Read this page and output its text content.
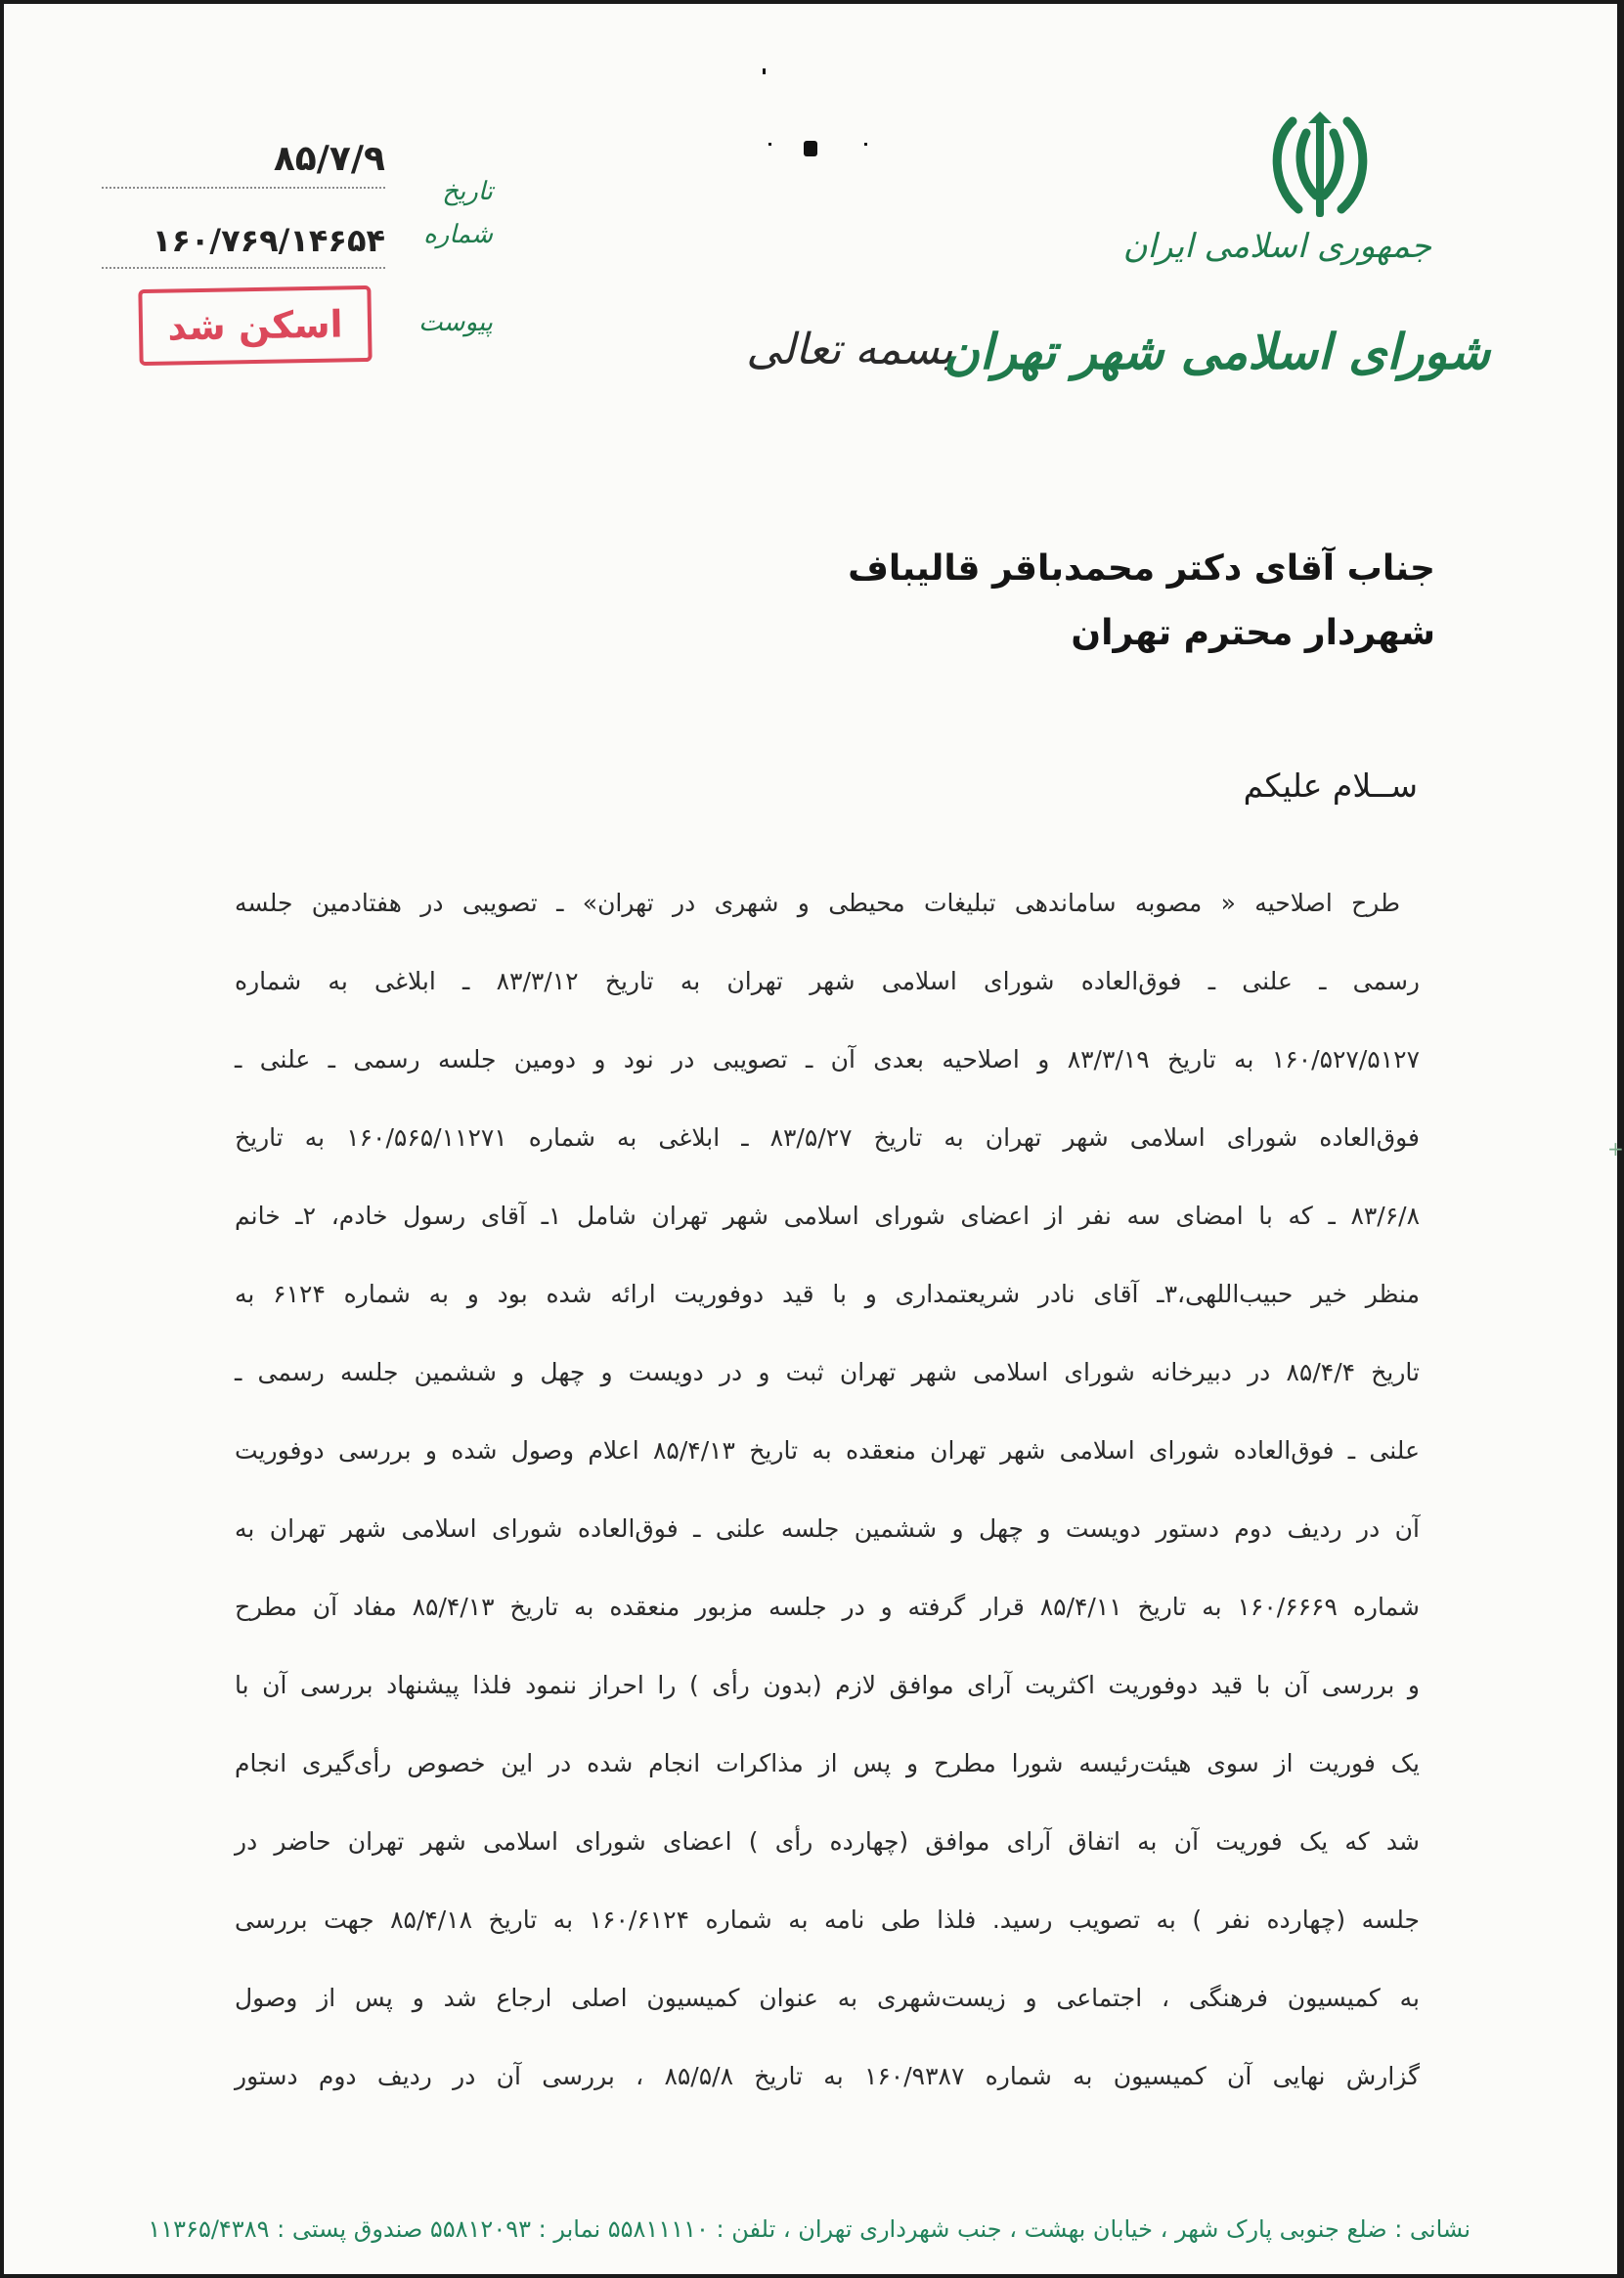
۸۵/۷/۹
۱۶۰/۷۶۹/۱۴۶۵۴
تاریخ
شماره
پیوست
اسکن شد	بسمه تعالی
جمهوری اسلامی ایران
شورای اسلامی شهر تهران
جناب آقای دکتر محمدباقر قالیباف
شهردار محترم تهران
ســلام علیکم
طرح اصلاحیه « مصوبه ساماندهی تبلیغات محیطی و شهری در تهران» ـ تصویبی در هفتادمین جلسه
رسمی ـ علنی ـ فوق‌العاده شورای اسلامی شهر تهران به تاریخ ۸۳/۳/۱۲ ـ ابلاغی به شماره
۱۶۰/۵۲۷/۵۱۲۷ به تاریخ ۸۳/۳/۱۹ و اصلاحیه بعدی آن ـ تصویبی در نود و دومین جلسه رسمی ـ علنی ـ
فوق‌العاده شورای اسلامی شهر تهران به تاریخ ۸۳/۵/۲۷ ـ ابلاغی به شماره ۱۶۰/۵۶۵/۱۱۲۷۱ به تاریخ
۸۳/۶/۸ ـ که با امضای سه نفر از اعضای شورای اسلامی شهر تهران شامل ۱ـ آقای رسول خادم، ۲ـ خانم
منظر خیر حبیب‌اللهی،۳ـ آقای نادر شریعتمداری و با قید دوفوریت ارائه شده بود و به شماره ۶۱۲۴ به
تاریخ ۸۵/۴/۴ در دبیرخانه شورای اسلامی شهر تهران ثبت و در دویست و چهل و ششمین جلسه رسمی ـ
علنی ـ فوق‌العاده شورای اسلامی شهر تهران منعقده به تاریخ ۸۵/۴/۱۳ اعلام وصول شده و بررسی دوفوریت
آن در ردیف دوم دستور دویست و چهل و ششمین جلسه علنی ـ فوق‌العاده شورای اسلامی شهر تهران به
شماره ۱۶۰/۶۶۶۹ به تاریخ ۸۵/۴/۱۱ قرار گرفته و در جلسه مزبور منعقده به تاریخ ۸۵/۴/۱۳ مفاد آن مطرح
و بررسی آن با قید دوفوریت اکثریت آرای موافق لازم (بدون رأی ) را احراز ننمود فلذا پیشنهاد بررسی آن با
یک فوریت از سوی هیئت‌رئیسه شورا مطرح و پس از مذاکرات انجام شده در این خصوص رأی‌گیری انجام
شد که یک فوریت آن به اتفاق آرای موافق (چهارده رأی ) اعضای شورای اسلامی شهر تهران حاضر در
جلسه (چهارده نفر ) به تصویب رسید. فلذا طی نامه به شماره ۱۶۰/۶۱۲۴ به تاریخ ۸۵/۴/۱۸ جهت بررسی
به کمیسیون فرهنگی ، اجتماعی و زیست‌شهری به عنوان کمیسیون اصلی ارجاع شد و پس از وصول
گزارش نهایی آن کمیسیون به شماره ۱۶۰/۹۳۸۷ به تاریخ ۸۵/۵/۸ ، بررسی آن در ردیف دوم دستور
+
نشانی : ضلع جنوبی پارک شهر ، خیابان بهشت ، جنب شهرداری تهران ، تلفن : ۵۵۸۱۱۱۱۰ نمابر : ۵۵۸۱۲۰۹۳ صندوق پستی : ۱۱۳۶۵/۴۳۸۹
